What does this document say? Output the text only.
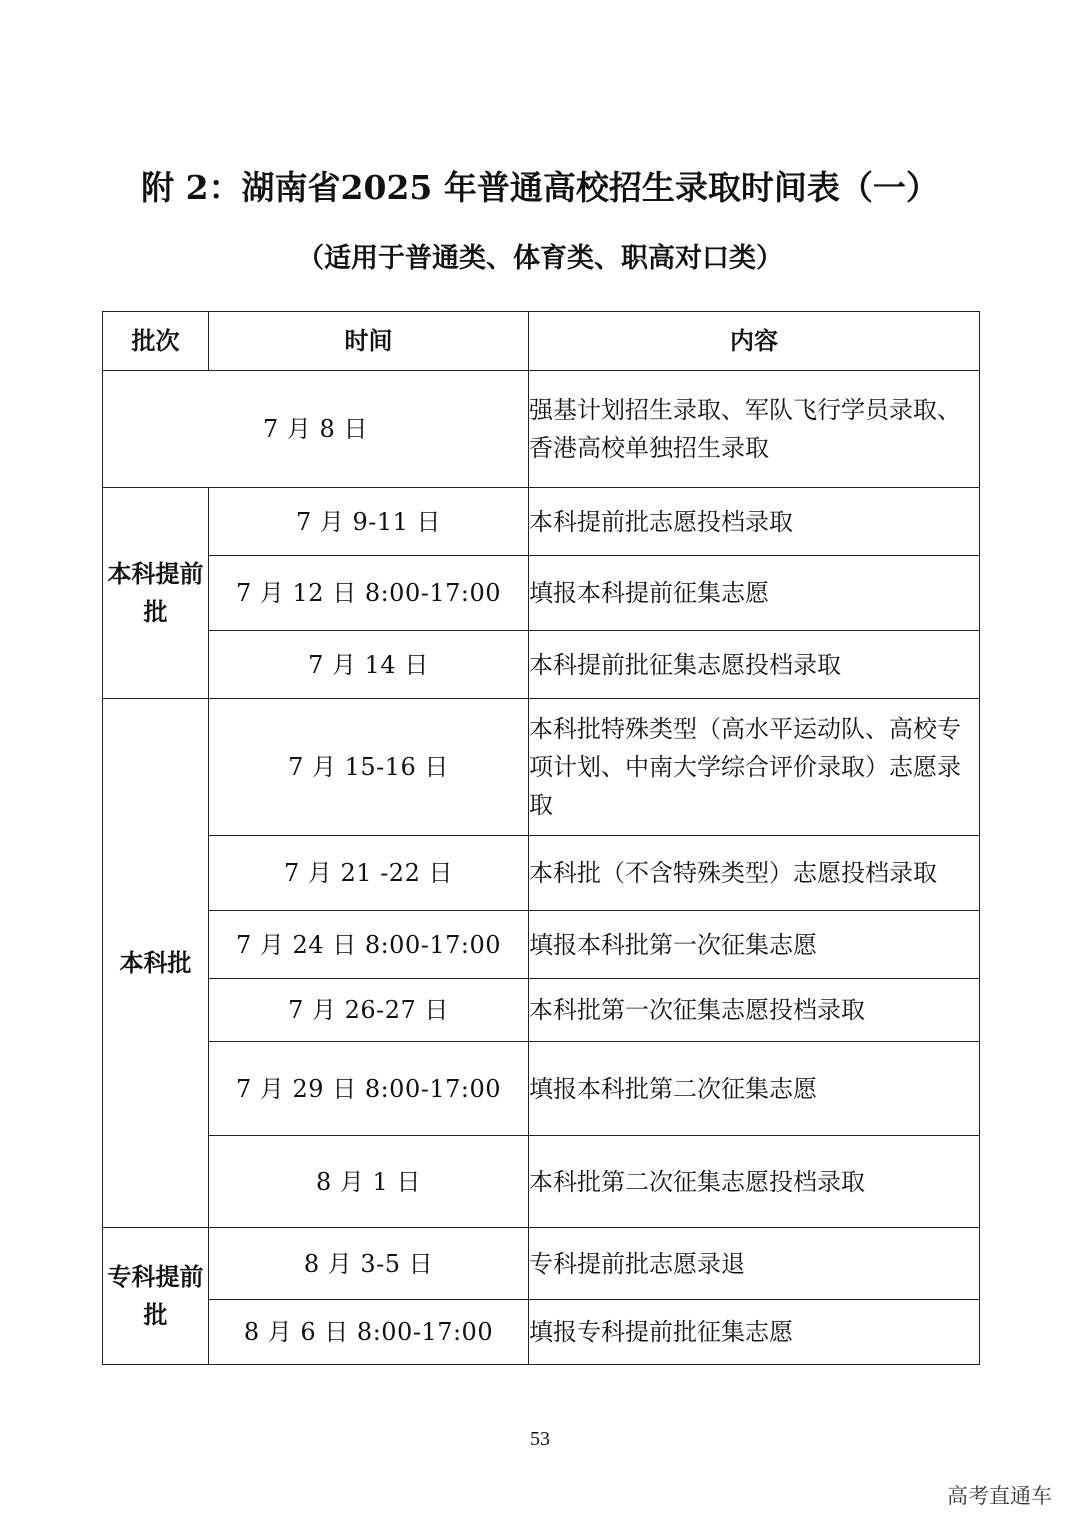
附 2：湖南省2025 年普通高校招生录取时间表（一）
（适用于普通类、体育类、职高对口类）
批次	时间	内容
7 月 8 日		强基计划招生录取、军队飞行学员录取、香港高校单独招生录取
本科提前批	7 月 9-11 日	本科提前批志愿投档录取
	7 月 12 日 8:00-17:00	填报本科提前征集志愿
	7 月 14 日	本科提前批征集志愿投档录取
本科批	7 月 15-16 日	本科批特殊类型（高水平运动队、高校专项计划、中南大学综合评价录取）志愿录取
	7 月 21 -22 日	本科批（不含特殊类型）志愿投档录取
	7 月 24 日 8:00-17:00	填报本科批第一次征集志愿
	7 月 26-27 日	本科批第一次征集志愿投档录取
	7 月 29 日 8:00-17:00	填报本科批第二次征集志愿
	8 月 1 日	本科批第二次征集志愿投档录取
专科提前批	8 月 3-5 日	专科提前批志愿录退
	8 月 6 日 8:00-17:00	填报专科提前批征集志愿
53
高考直通车
